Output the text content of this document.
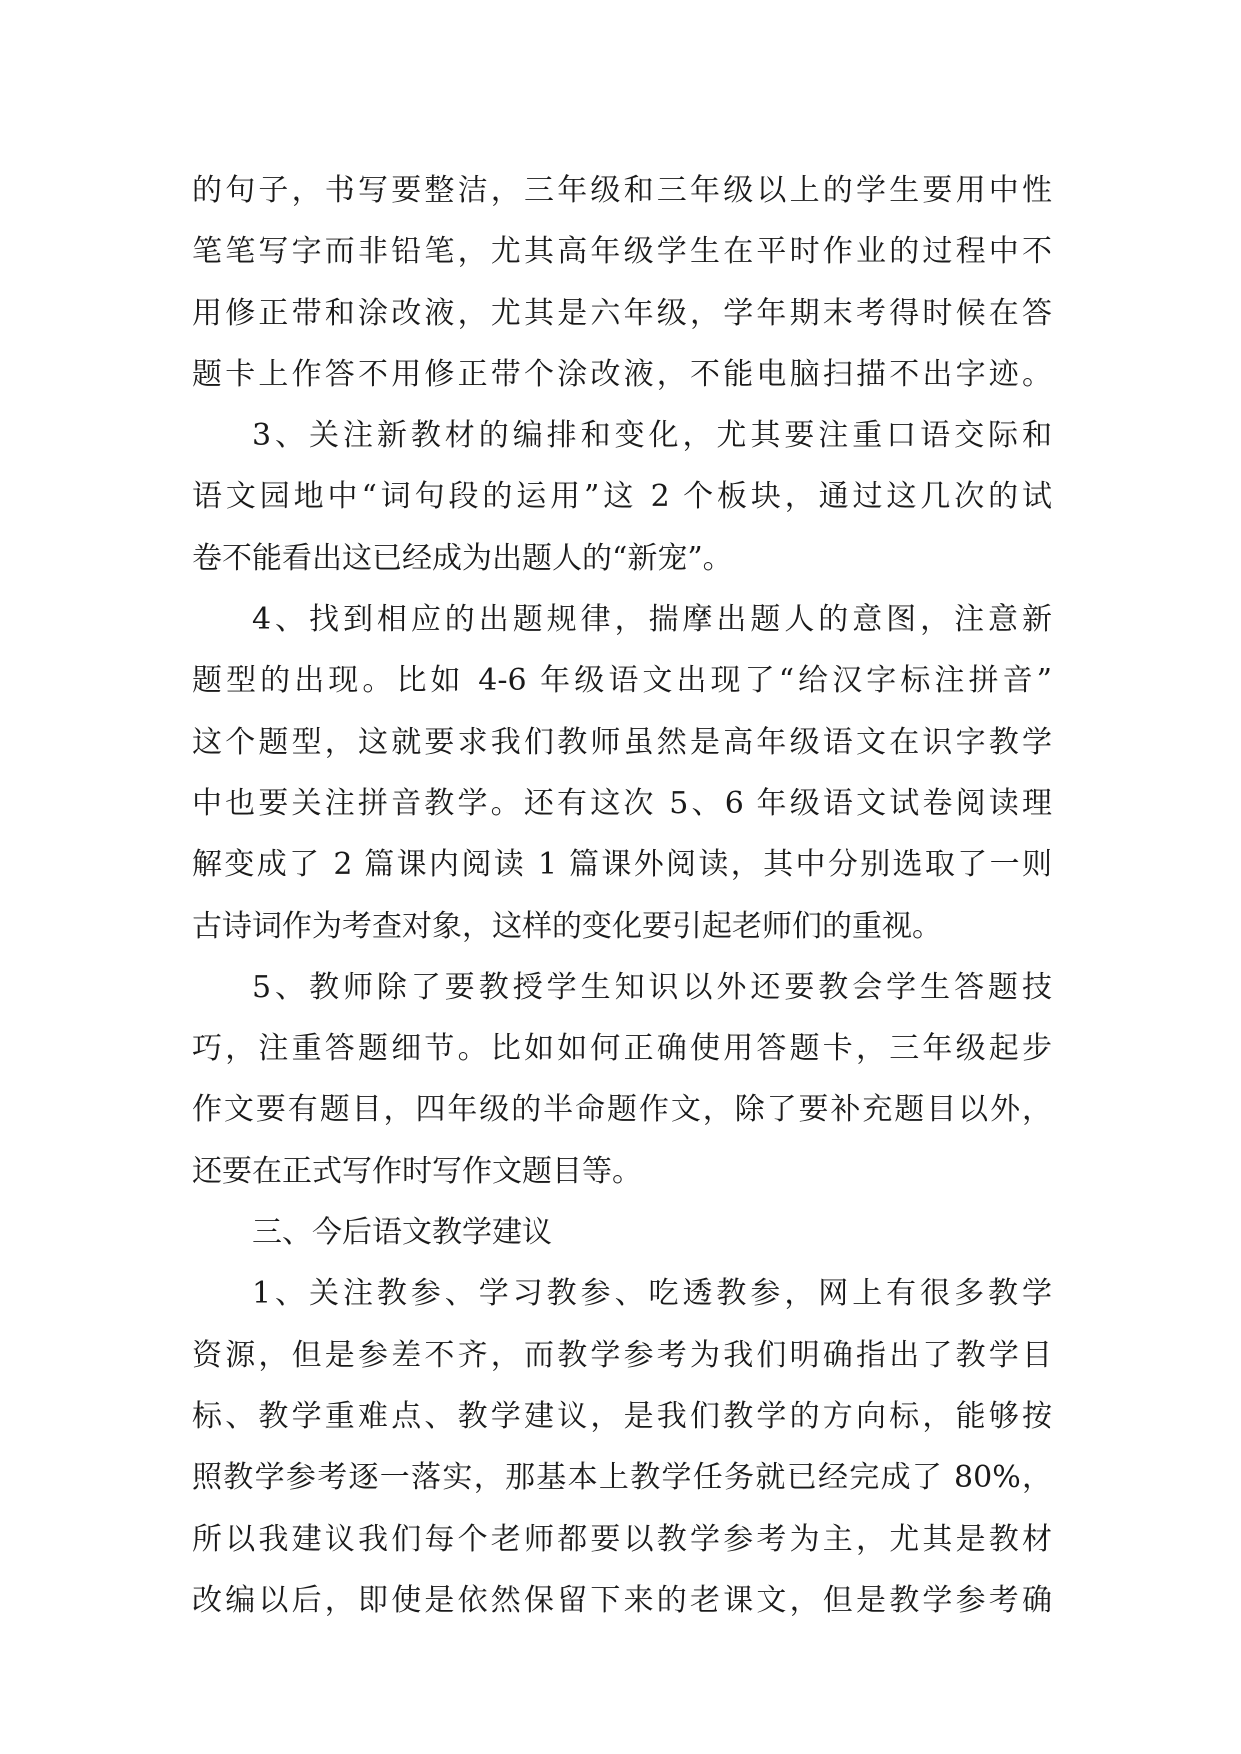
的句子，书写要整洁，三年级和三年级以上的学生要用中性
笔笔写字而非铅笔，尤其高年级学生在平时作业的过程中不
用修正带和涂改液，尤其是六年级，学年期末考得时候在答
题卡上作答不用修正带个涂改液，不能电脑扫描不出字迹。
3、关注新教材的编排和变化，尤其要注重口语交际和
语文园地中“词句段的运用”这 2 个板块，通过这几次的试
卷不能看出这已经成为出题人的“新宠”。
4、找到相应的出题规律，揣摩出题人的意图，注意新
题型的出现。比如 4-6 年级语文出现了“给汉字标注拼音”
这个题型，这就要求我们教师虽然是高年级语文在识字教学
中也要关注拼音教学。还有这次 5、6 年级语文试卷阅读理
解变成了 2 篇课内阅读 1 篇课外阅读，其中分别选取了一则
古诗词作为考查对象，这样的变化要引起老师们的重视。
5、教师除了要教授学生知识以外还要教会学生答题技
巧，注重答题细节。比如如何正确使用答题卡，三年级起步
作文要有题目，四年级的半命题作文，除了要补充题目以外，
还要在正式写作时写作文题目等。
三、今后语文教学建议
1、关注教参、学习教参、吃透教参，网上有很多教学
资源，但是参差不齐，而教学参考为我们明确指出了教学目
标、教学重难点、教学建议，是我们教学的方向标，能够按
照教学参考逐一落实，那基本上教学任务就已经完成了 80%，
所以我建议我们每个老师都要以教学参考为主，尤其是教材
改编以后，即使是依然保留下来的老课文，但是教学参考确
